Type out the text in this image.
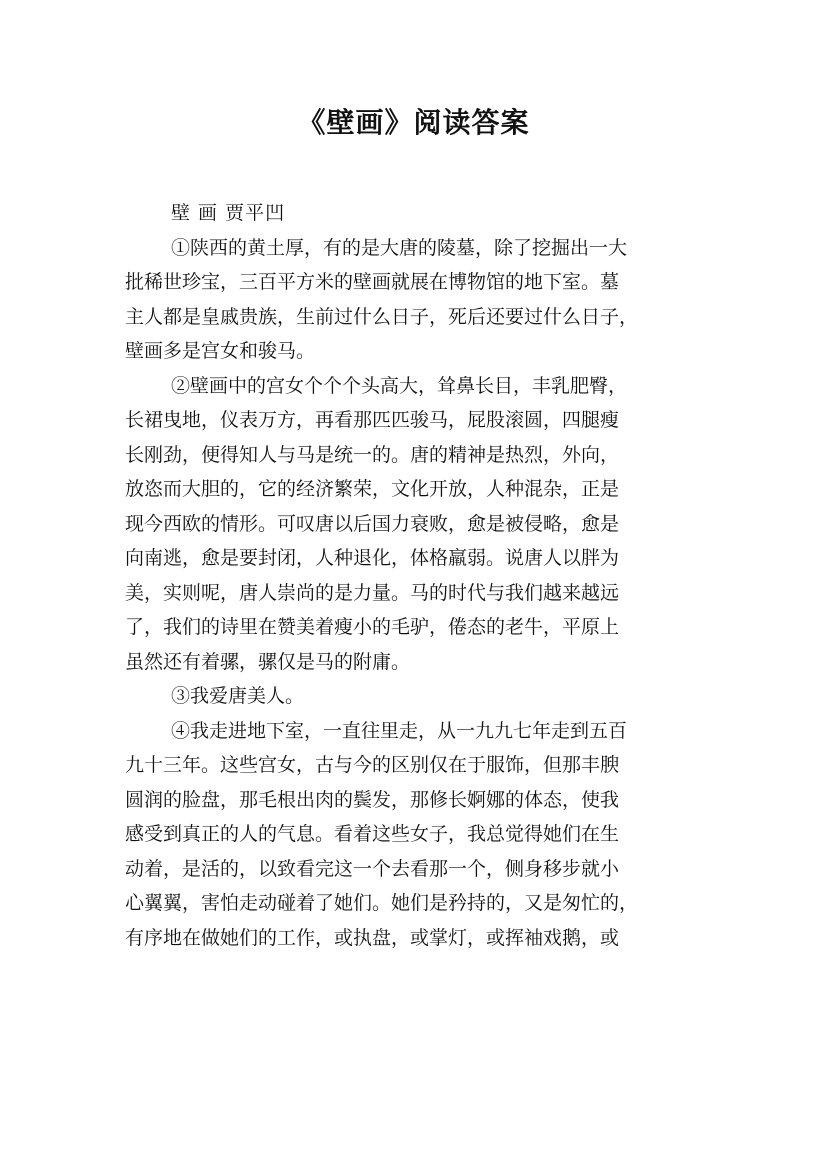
《壁画》阅读答案
壁 画 贾平凹
①陕西的黄土厚，有的是大唐的陵墓，除了挖掘出一大
批稀世珍宝，三百平方米的壁画就展在博物馆的地下室。墓
主人都是皇戚贵族，生前过什么日子，死后还要过什么日子，
壁画多是宫女和骏马。
②壁画中的宫女个个个头高大，耸鼻长目，丰乳肥臀，
长裙曳地，仪表万方，再看那匹匹骏马，屁股滚圆，四腿瘦
长刚劲，便得知人与马是统一的。唐的精神是热烈，外向，
放恣而大胆的，它的经济繁荣，文化开放，人种混杂，正是
现今西欧的情形。可叹唐以后国力衰败，愈是被侵略，愈是
向南逃，愈是要封闭，人种退化，体格羸弱。说唐人以胖为
美，实则呢，唐人崇尚的是力量。马的时代与我们越来越远
了，我们的诗里在赞美着瘦小的毛驴，倦态的老牛，平原上
虽然还有着骡，骡仅是马的附庸。
③我爱唐美人。
④我走进地下室，一直往里走，从一九九七年走到五百
九十三年。这些宫女，古与今的区别仅在于服饰，但那丰腴
圆润的脸盘，那毛根出肉的鬓发，那修长婀娜的体态，使我
感受到真正的人的气息。看着这些女子，我总觉得她们在生
动着，是活的，以致看完这一个去看那一个，侧身移步就小
心翼翼，害怕走动碰着了她们。她们是矜持的，又是匆忙的，
有序地在做她们的工作，或执盘，或掌灯，或挥袖戏鹅，或
